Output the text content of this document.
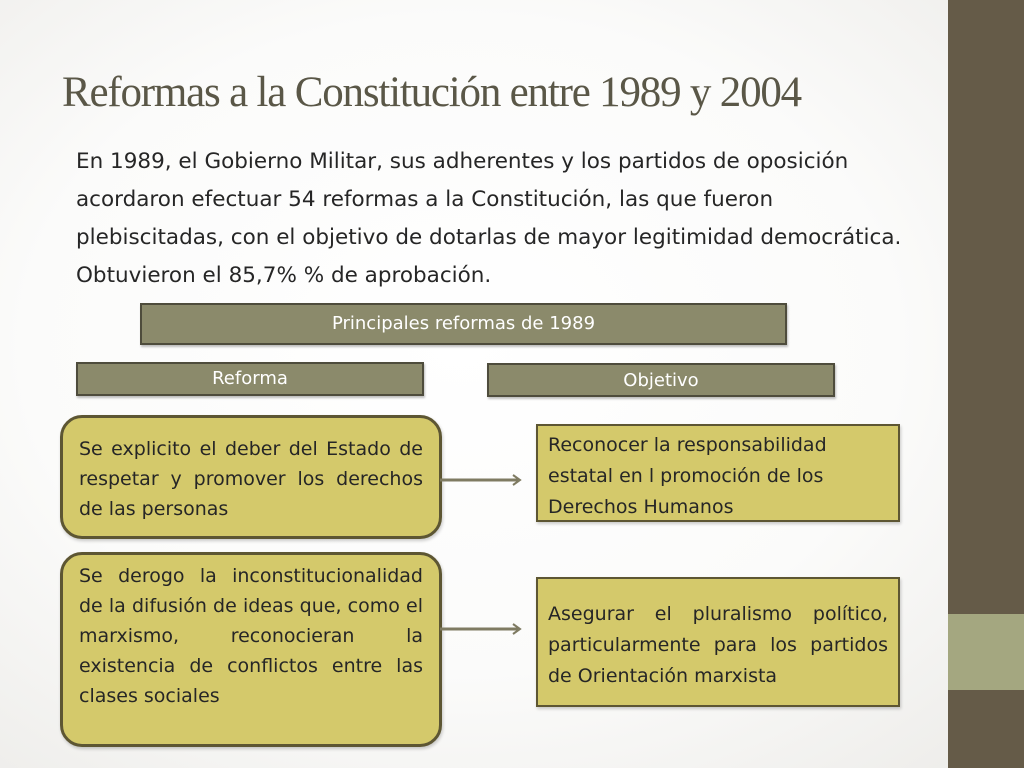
Reformas a la Constitución entre 1989 y 2004

En 1989, el Gobierno Militar, sus adherentes y los partidos de oposición acordaron efectuar 54 reformas a la Constitución, las que fueron plebiscitadas, con el objetivo de dotarlas de mayor legitimidad democrática. Obtuvieron el 85,7% % de aprobación.

Principales reformas de 1989
Reforma	Objetivo
Se explicito el deber del Estado de respetar y promover los derechos de las personas
Se derogo la inconstitucionalidad de la difusión de ideas que, como el marxismo, reconocieran la existencia de conflictos entre las clases sociales
Reconocer la responsabilidad estatal en l promoción de los Derechos Humanos
Asegurar el pluralismo político, particularmente para los partidos de Orientación marxista
